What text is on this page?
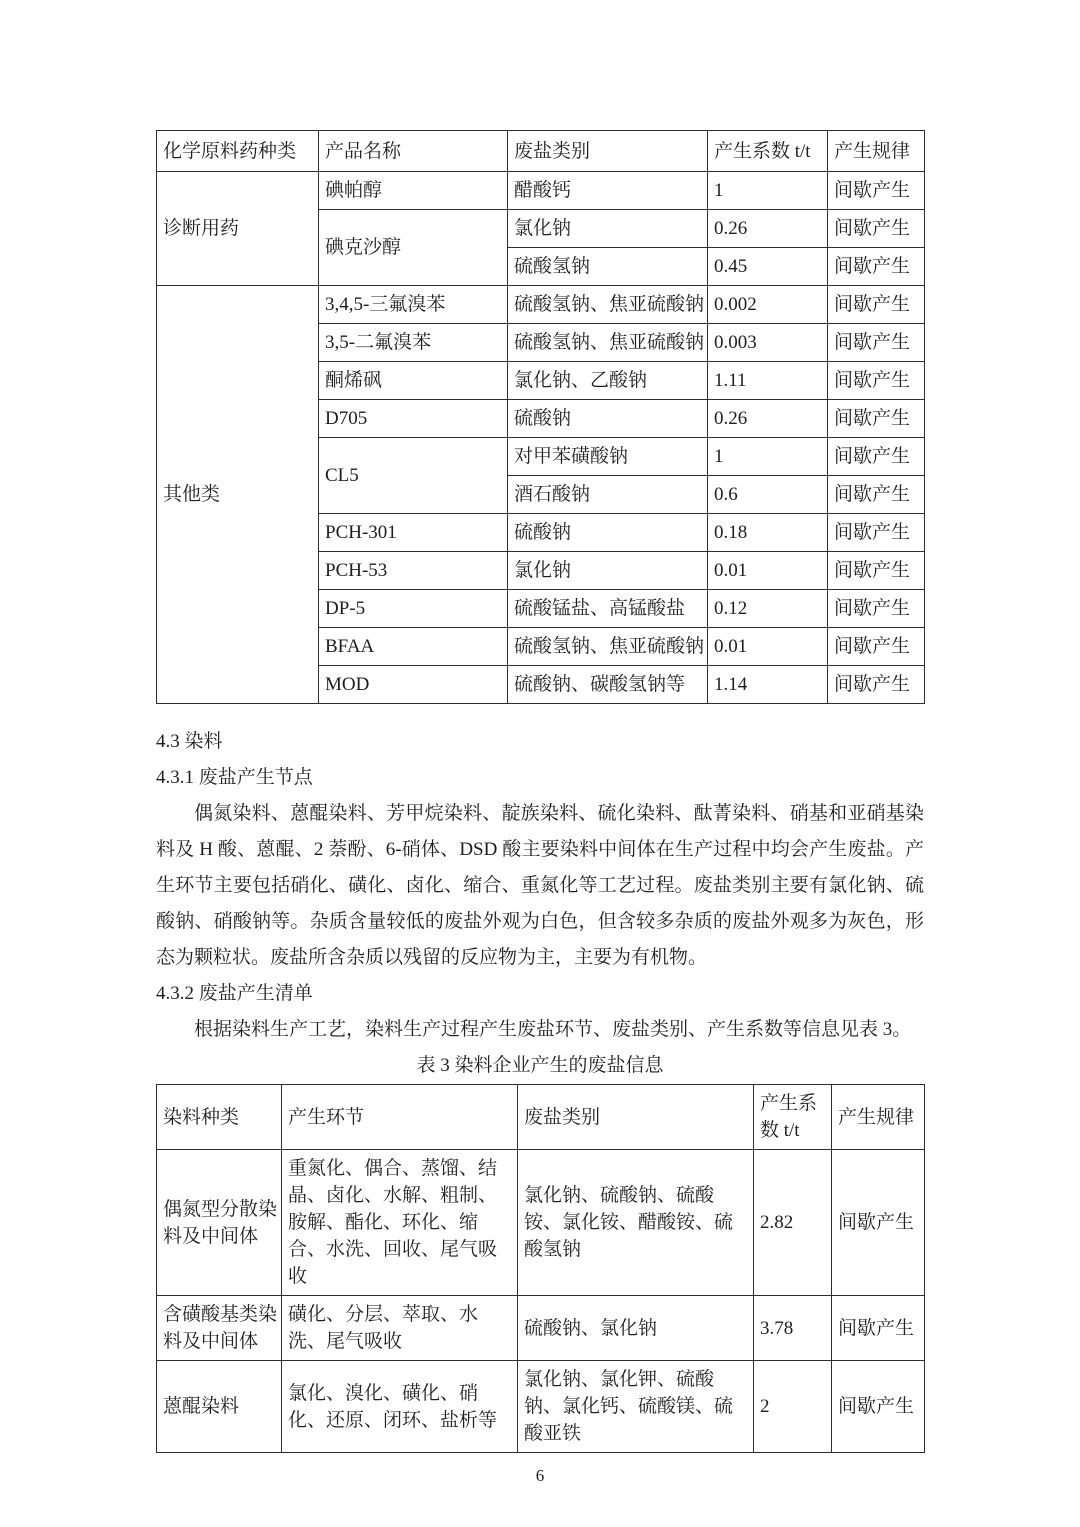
化学原料药种类	产品名称	废盐类别	产生系数 t/t	产生规律
诊断用药	碘帕醇	醋酸钙	1	间歇产生
	碘克沙醇	氯化钠	0.26	间歇产生
		硫酸氢钠	0.45	间歇产生
其他类	3,4,5-三氟溴苯	硫酸氢钠、焦亚硫酸钠	0.002	间歇产生
	3,5-二氟溴苯	硫酸氢钠、焦亚硫酸钠	0.003	间歇产生
	酮烯砜	氯化钠、乙酸钠	1.11	间歇产生
	D705	硫酸钠	0.26	间歇产生
	CL5	对甲苯磺酸钠	1	间歇产生
		酒石酸钠	0.6	间歇产生
	PCH-301	硫酸钠	0.18	间歇产生
	PCH-53	氯化钠	0.01	间歇产生
	DP-5	硫酸锰盐、高锰酸盐	0.12	间歇产生
	BFAA	硫酸氢钠、焦亚硫酸钠	0.01	间歇产生
	MOD	硫酸钠、碳酸氢钠等	1.14	间歇产生
4.3 染料
4.3.1 废盐产生节点

偶氮染料、蒽醌染料、芳甲烷染料、靛族染料、硫化染料、酞菁染料、硝基和亚硝基染料及 H 酸、蒽醌、2 萘酚、6-硝体、DSD 酸主要染料中间体在生产过程中均会产生废盐。产生环节主要包括硝化、磺化、卤化、缩合、重氮化等工艺过程。废盐类别主要有氯化钠、硫酸钠、硝酸钠等。杂质含量较低的废盐外观为白色，但含较多杂质的废盐外观多为灰色，形态为颗粒状。废盐所含杂质以残留的反应物为主，主要为有机物。

4.3.2 废盐产生清单

根据染料生产工艺，染料生产过程产生废盐环节、废盐类别、产生系数等信息见表 3。

表 3 染料企业产生的废盐信息
染料种类	产生环节	废盐类别	产生系数 t/t	产生规律
偶氮型分散染料及中间体	重氮化、偶合、蒸馏、结晶、卤化、水解、粗制、胺解、酯化、环化、缩合、水洗、回收、尾气吸收	氯化钠、硫酸钠、硫酸铵、氯化铵、醋酸铵、硫酸氢钠	2.82	间歇产生
含磺酸基类染料及中间体	磺化、分层、萃取、水洗、尾气吸收	硫酸钠、氯化钠	3.78	间歇产生
蒽醌染料	氯化、溴化、磺化、硝化、还原、闭环、盐析等	氯化钠、氯化钾、硫酸钠、氯化钙、硫酸镁、硫酸亚铁	2	间歇产生
6
